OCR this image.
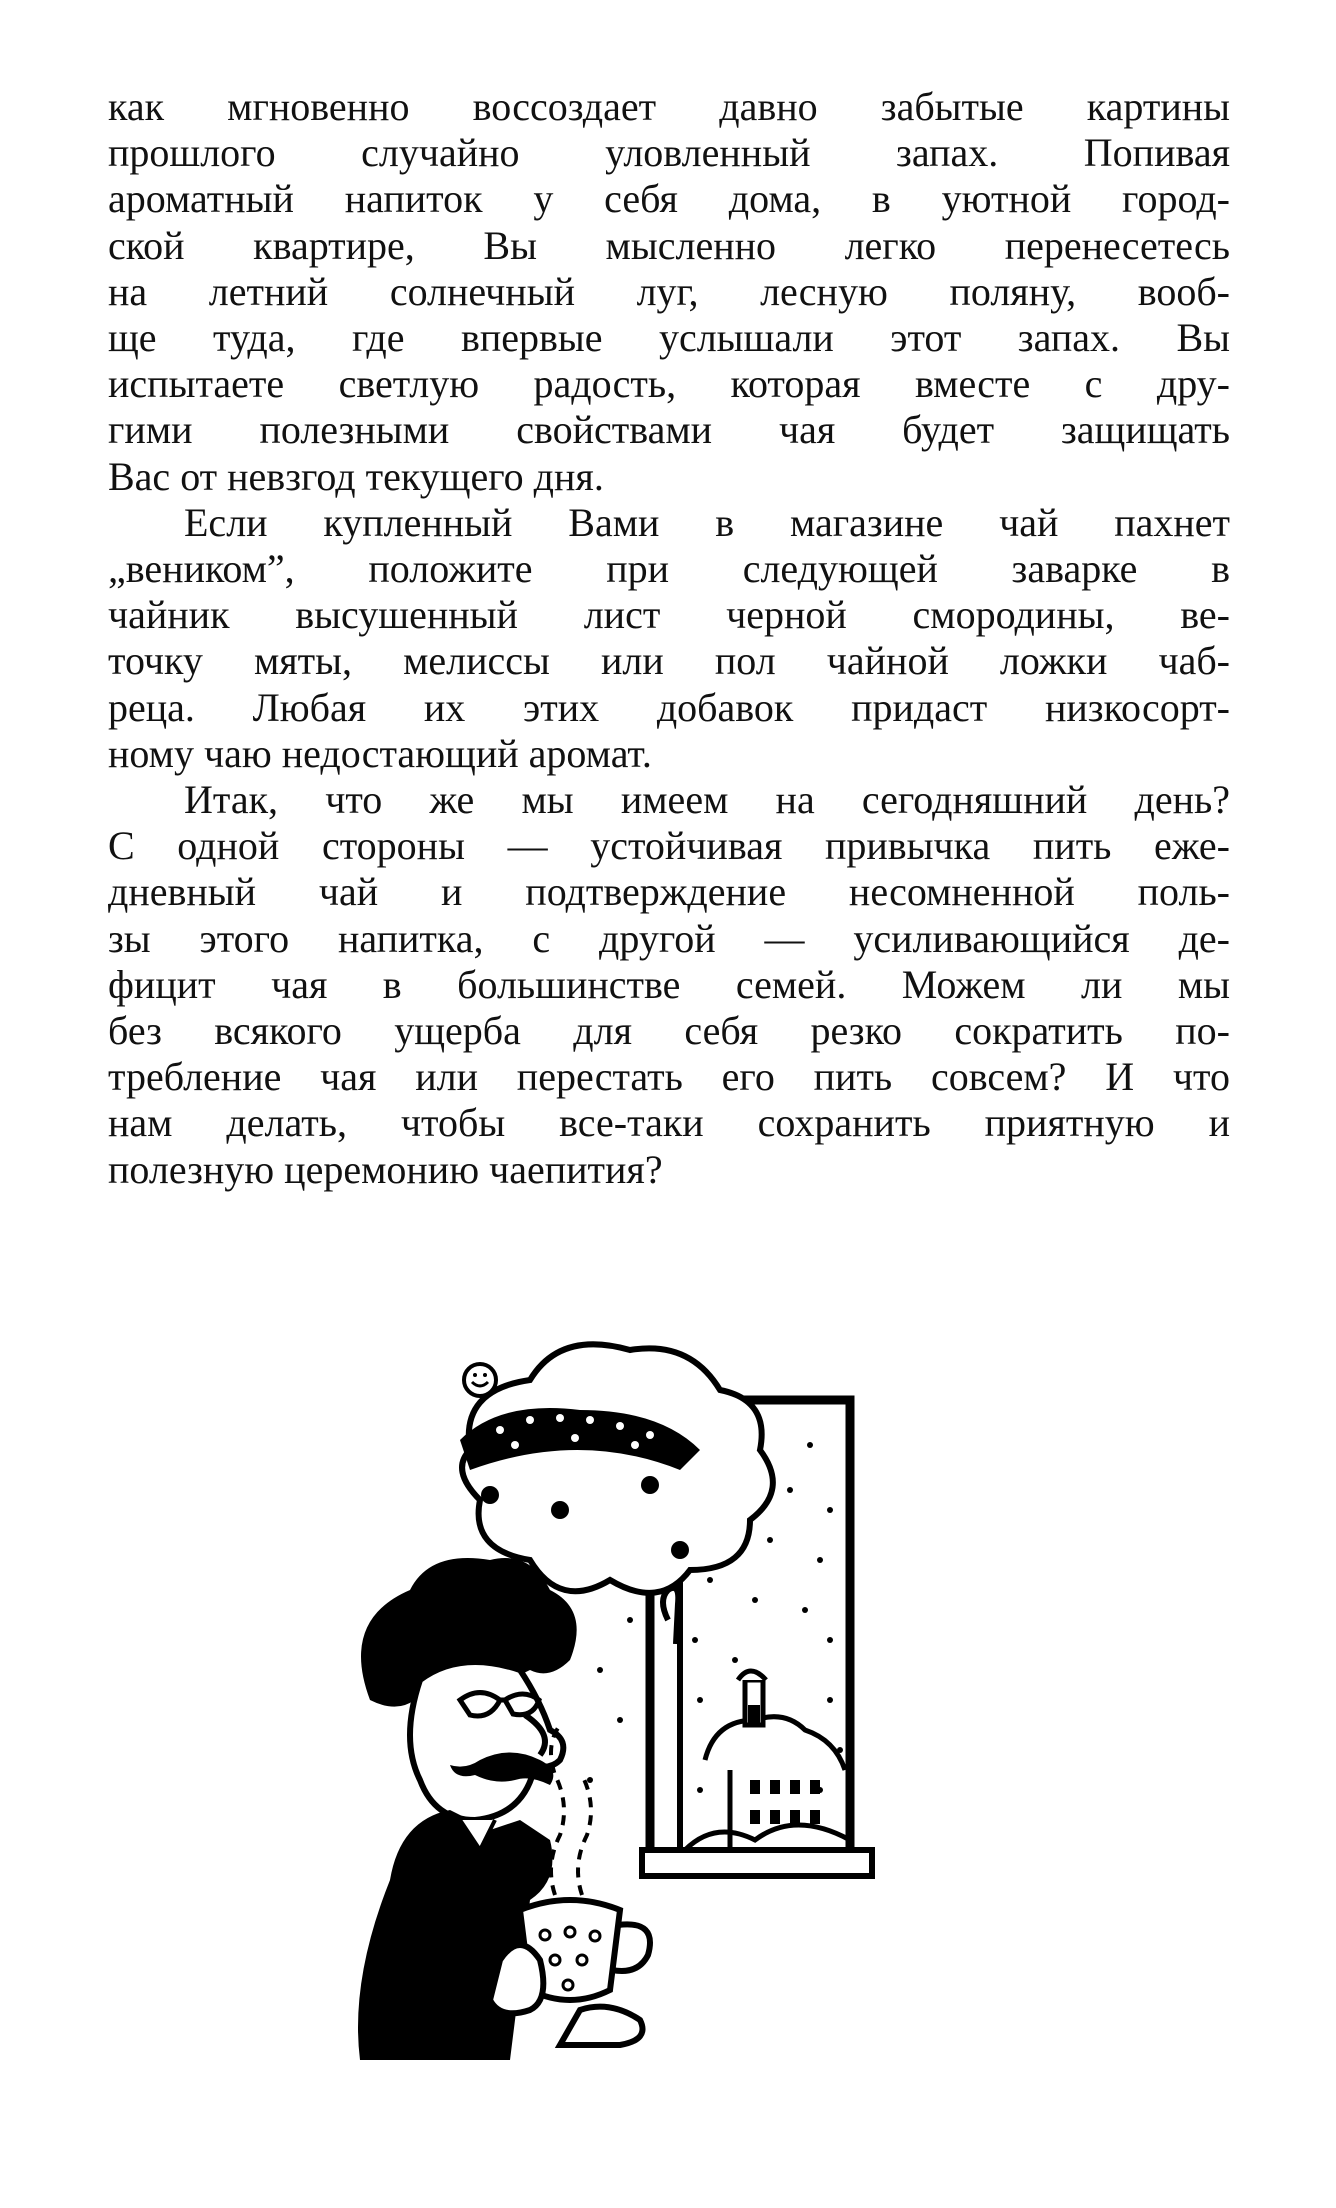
как мгновенно воссоздает давно забытые картины
прошлого случайно уловленный запах. Попивая
ароматный напиток у себя дома, в уютной город-
ской квартире, Вы мысленно легко перенесетесь
на летний солнечный луг, лесную поляну, вооб-
ще туда, где впервые услышали этот запах. Вы
испытаете светлую радость, которая вместе с дру-
гими полезными свойствами чая будет защищать
Вас от невзгод текущего дня.

Если купленный Вами в магазине чай пахнет
„веником”, положите при следующей заварке в
чайник высушенный лист черной смородины, ве-
точку мяты, мелиссы или пол чайной ложки чаб-
реца. Любая их этих добавок придаст низкосорт-
ному чаю недостающий аромат.

Итак, что же мы имеем на сегодняшний день?
С одной стороны — устойчивая привычка пить еже-
дневный чай и подтверждение несомненной поль-
зы этого напитка, с другой — усиливающийся де-
фицит чая в большинстве семей. Можем ли мы
без всякого ущерба для себя резко сократить по-
требление чая или перестать его пить совсем? И что
нам делать, чтобы все-таки сохранить приятную и
полезную церемонию чаепития?
